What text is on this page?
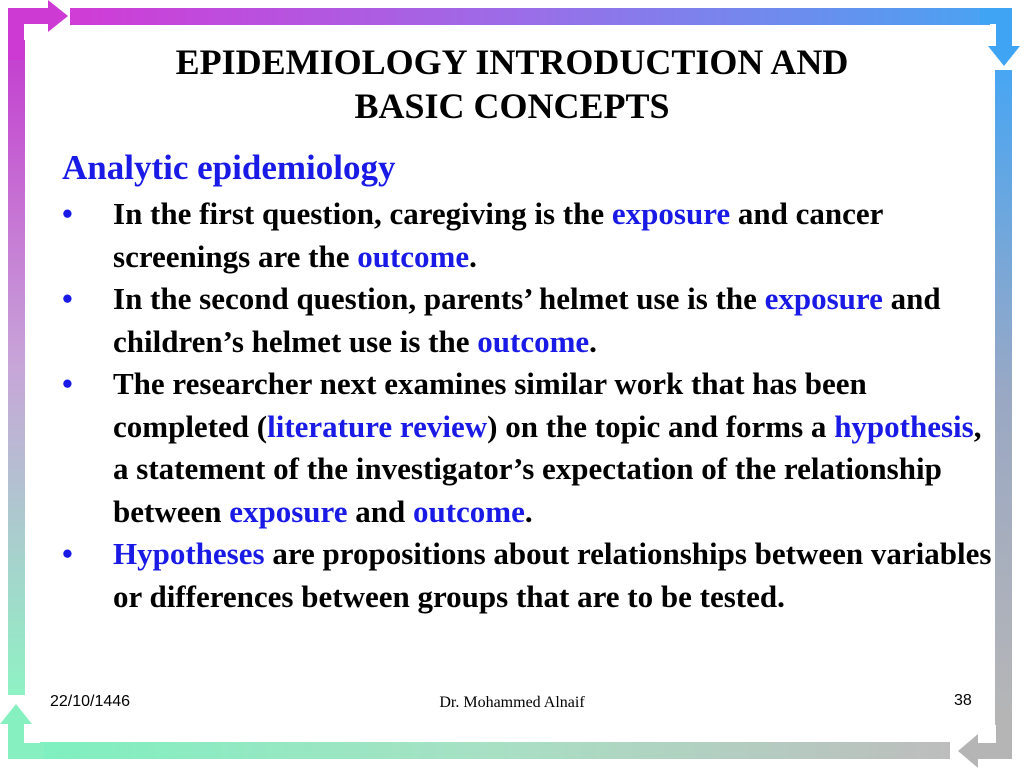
EPIDEMIOLOGY INTRODUCTION AND
BASIC CONCEPTS
Analytic epidemiology
• In the first question, caregiving is the exposure and cancer screenings are the outcome.
• In the second question, parents’ helmet use is the exposure and children’s helmet use is the outcome.
• The researcher next examines similar work that has been completed (literature review) on the topic and forms a hypothesis, a statement of the investigator’s expectation of the relationship between exposure and outcome.
• Hypotheses are propositions about relationships between variables or differences between groups that are to be tested.
22/10/1446	Dr. Mohammed Alnaif	38
